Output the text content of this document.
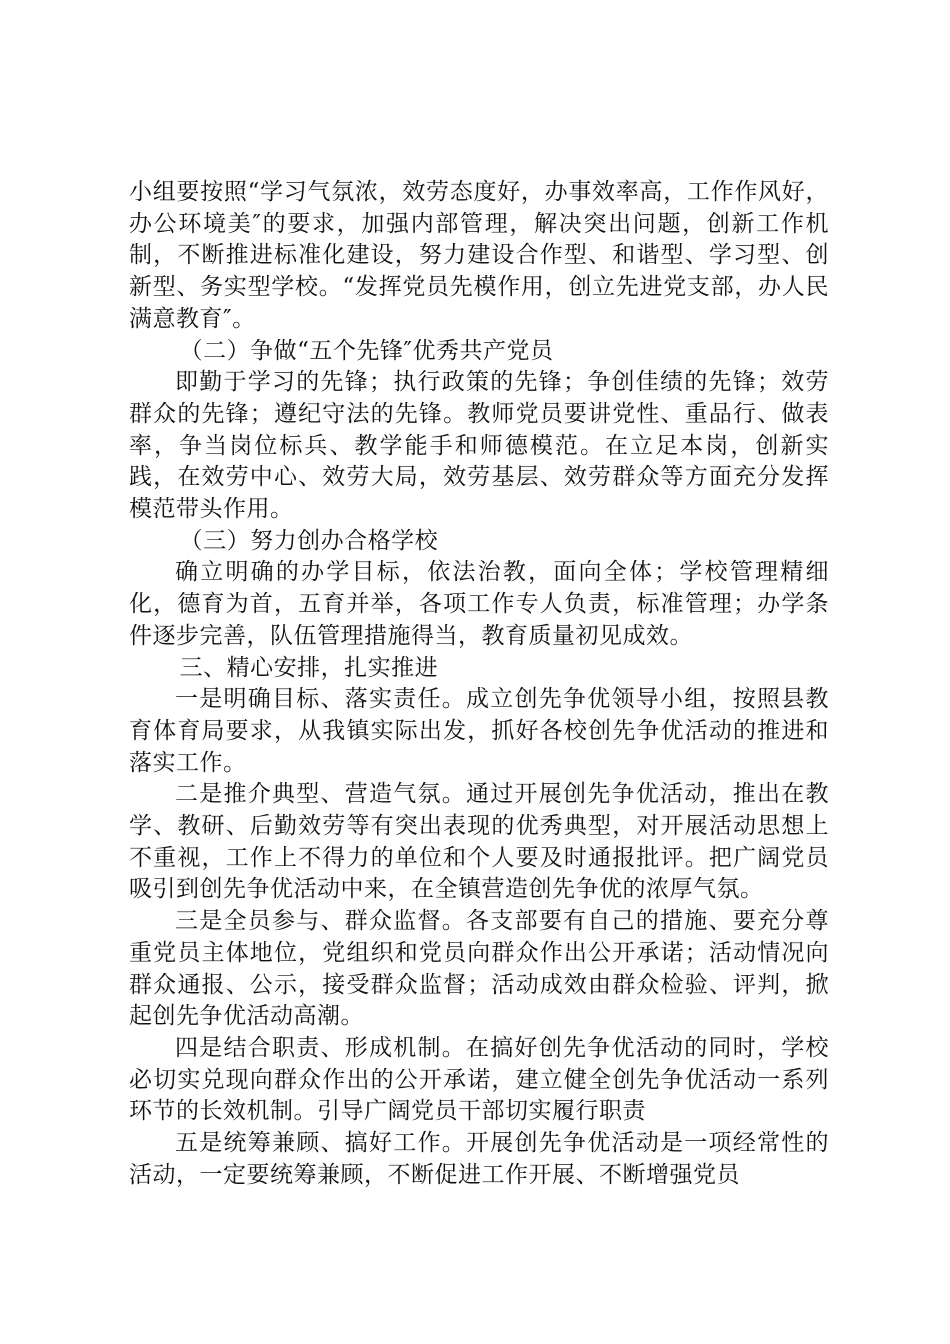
小组要按照“学习气氛浓，效劳态度好，办事效率高，工作作风好，办公环境美″的要求，加强内部管理，解决突出问题，创新工作机制，不断推进标准化建设，努力建设合作型、和谐型、学习型、创新型、务实型学校。“发挥党员先模作用，创立先进党支部，办人民满意教育″。

（二）争做“五个先锋″优秀共产党员

即勤于学习的先锋；执行政策的先锋；争创佳绩的先锋；效劳群众的先锋；遵纪守法的先锋。教师党员要讲党性、重品行、做表率，争当岗位标兵、教学能手和师德模范。在立足本岗，创新实践，在效劳中心、效劳大局，效劳基层、效劳群众等方面充分发挥模范带头作用。

（三）努力创办合格学校

确立明确的办学目标，依法治教，面向全体；学校管理精细化，德育为首，五育并举，各项工作专人负责，标准管理；办学条件逐步完善，队伍管理措施得当，教育质量初见成效。

三、精心安排，扎实推进

一是明确目标、落实责任。成立创先争优领导小组，按照县教育体育局要求，从我镇实际出发，抓好各校创先争优活动的推进和落实工作。

二是推介典型、营造气氛。通过开展创先争优活动，推出在教学、教研、后勤效劳等有突出表现的优秀典型，对开展活动思想上不重视，工作上不得力的单位和个人要及时通报批评。把广阔党员吸引到创先争优活动中来，在全镇营造创先争优的浓厚气氛。

三是全员参与、群众监督。各支部要有自己的措施、要充分尊重党员主体地位，党组织和党员向群众作出公开承诺；活动情况向群众通报、公示，接受群众监督；活动成效由群众检验、评判，掀起创先争优活动高潮。

四是结合职责、形成机制。在搞好创先争优活动的同时，学校必切实兑现向群众作出的公开承诺，建立健全创先争优活动一系列环节的长效机制。引导广阔党员干部切实履行职责

五是统筹兼顾、搞好工作。开展创先争优活动是一项经常性的活动，一定要统筹兼顾，不断促进工作开展、不断增强党员
